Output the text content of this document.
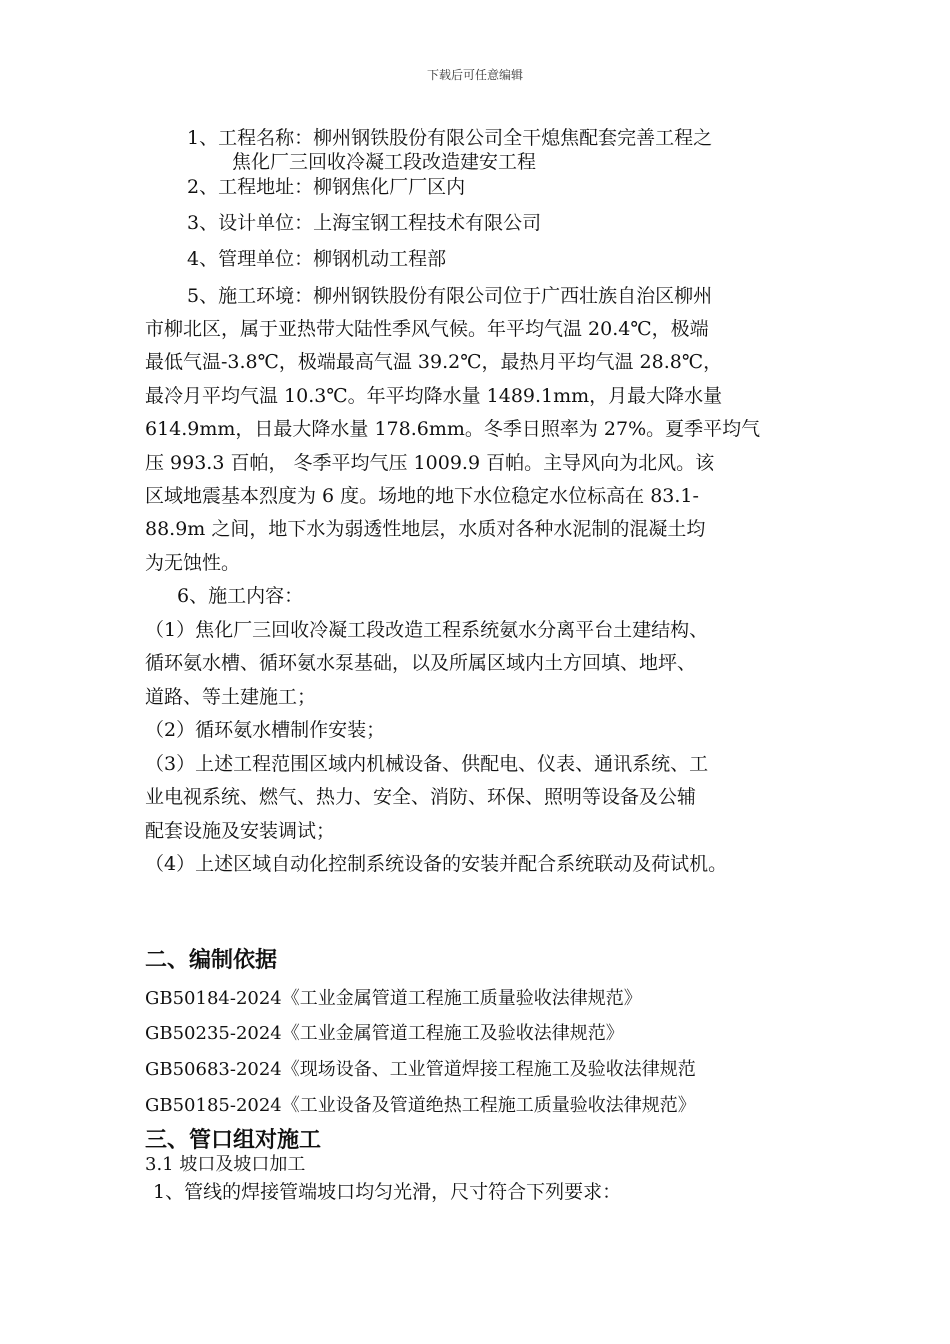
下载后可任意编辑
1、工程名称：柳州钢铁股份有限公司全干熄焦配套完善工程之
焦化厂三回收冷凝工段改造建安工程
2、工程地址：柳钢焦化厂厂区内
3、设计单位：上海宝钢工程技术有限公司
4、管理单位：柳钢机动工程部
5、施工环境：柳州钢铁股份有限公司位于广西壮族自治区柳州
市柳北区，属于亚热带大陆性季风气候。年平均气温 20.4℃，极端
最低气温-3.8℃，极端最高气温 39.2℃，最热月平均气温 28.8℃，
最冷月平均气温 10.3℃。年平均降水量 1489.1mm，月最大降水量
614.9mm，日最大降水量 178.6mm。冬季日照率为 27%。夏季平均气
压 993.3 百帕， 冬季平均气压 1009.9 百帕。主导风向为北风。该
区域地震基本烈度为 6 度。场地的地下水位稳定水位标高在 83.1-
88.9m 之间，地下水为弱透性地层，水质对各种水泥制的混凝土均
为无蚀性。
6、施工内容：
（1）焦化厂三回收冷凝工段改造工程系统氨水分离平台土建结构、
循环氨水槽、循环氨水泵基础，以及所属区域内土方回填、地坪、
道路、等土建施工；
（2）循环氨水槽制作安装；
（3）上述工程范围区域内机械设备、供配电、仪表、通讯系统、工
业电视系统、燃气、热力、安全、消防、环保、照明等设备及公辅
配套设施及安装调试；
（4）上述区域自动化控制系统设备的安装并配合系统联动及荷试机。
二、编制依据
GB50184-2024《工业金属管道工程施工质量验收法律规范》
GB50235-2024《工业金属管道工程施工及验收法律规范》
GB50683-2024《现场设备、工业管道焊接工程施工及验收法律规范
GB50185-2024《工业设备及管道绝热工程施工质量验收法律规范》
三、管口组对施工
3.1 坡口及坡口加工
1、管线的焊接管端坡口均匀光滑，尺寸符合下列要求：
